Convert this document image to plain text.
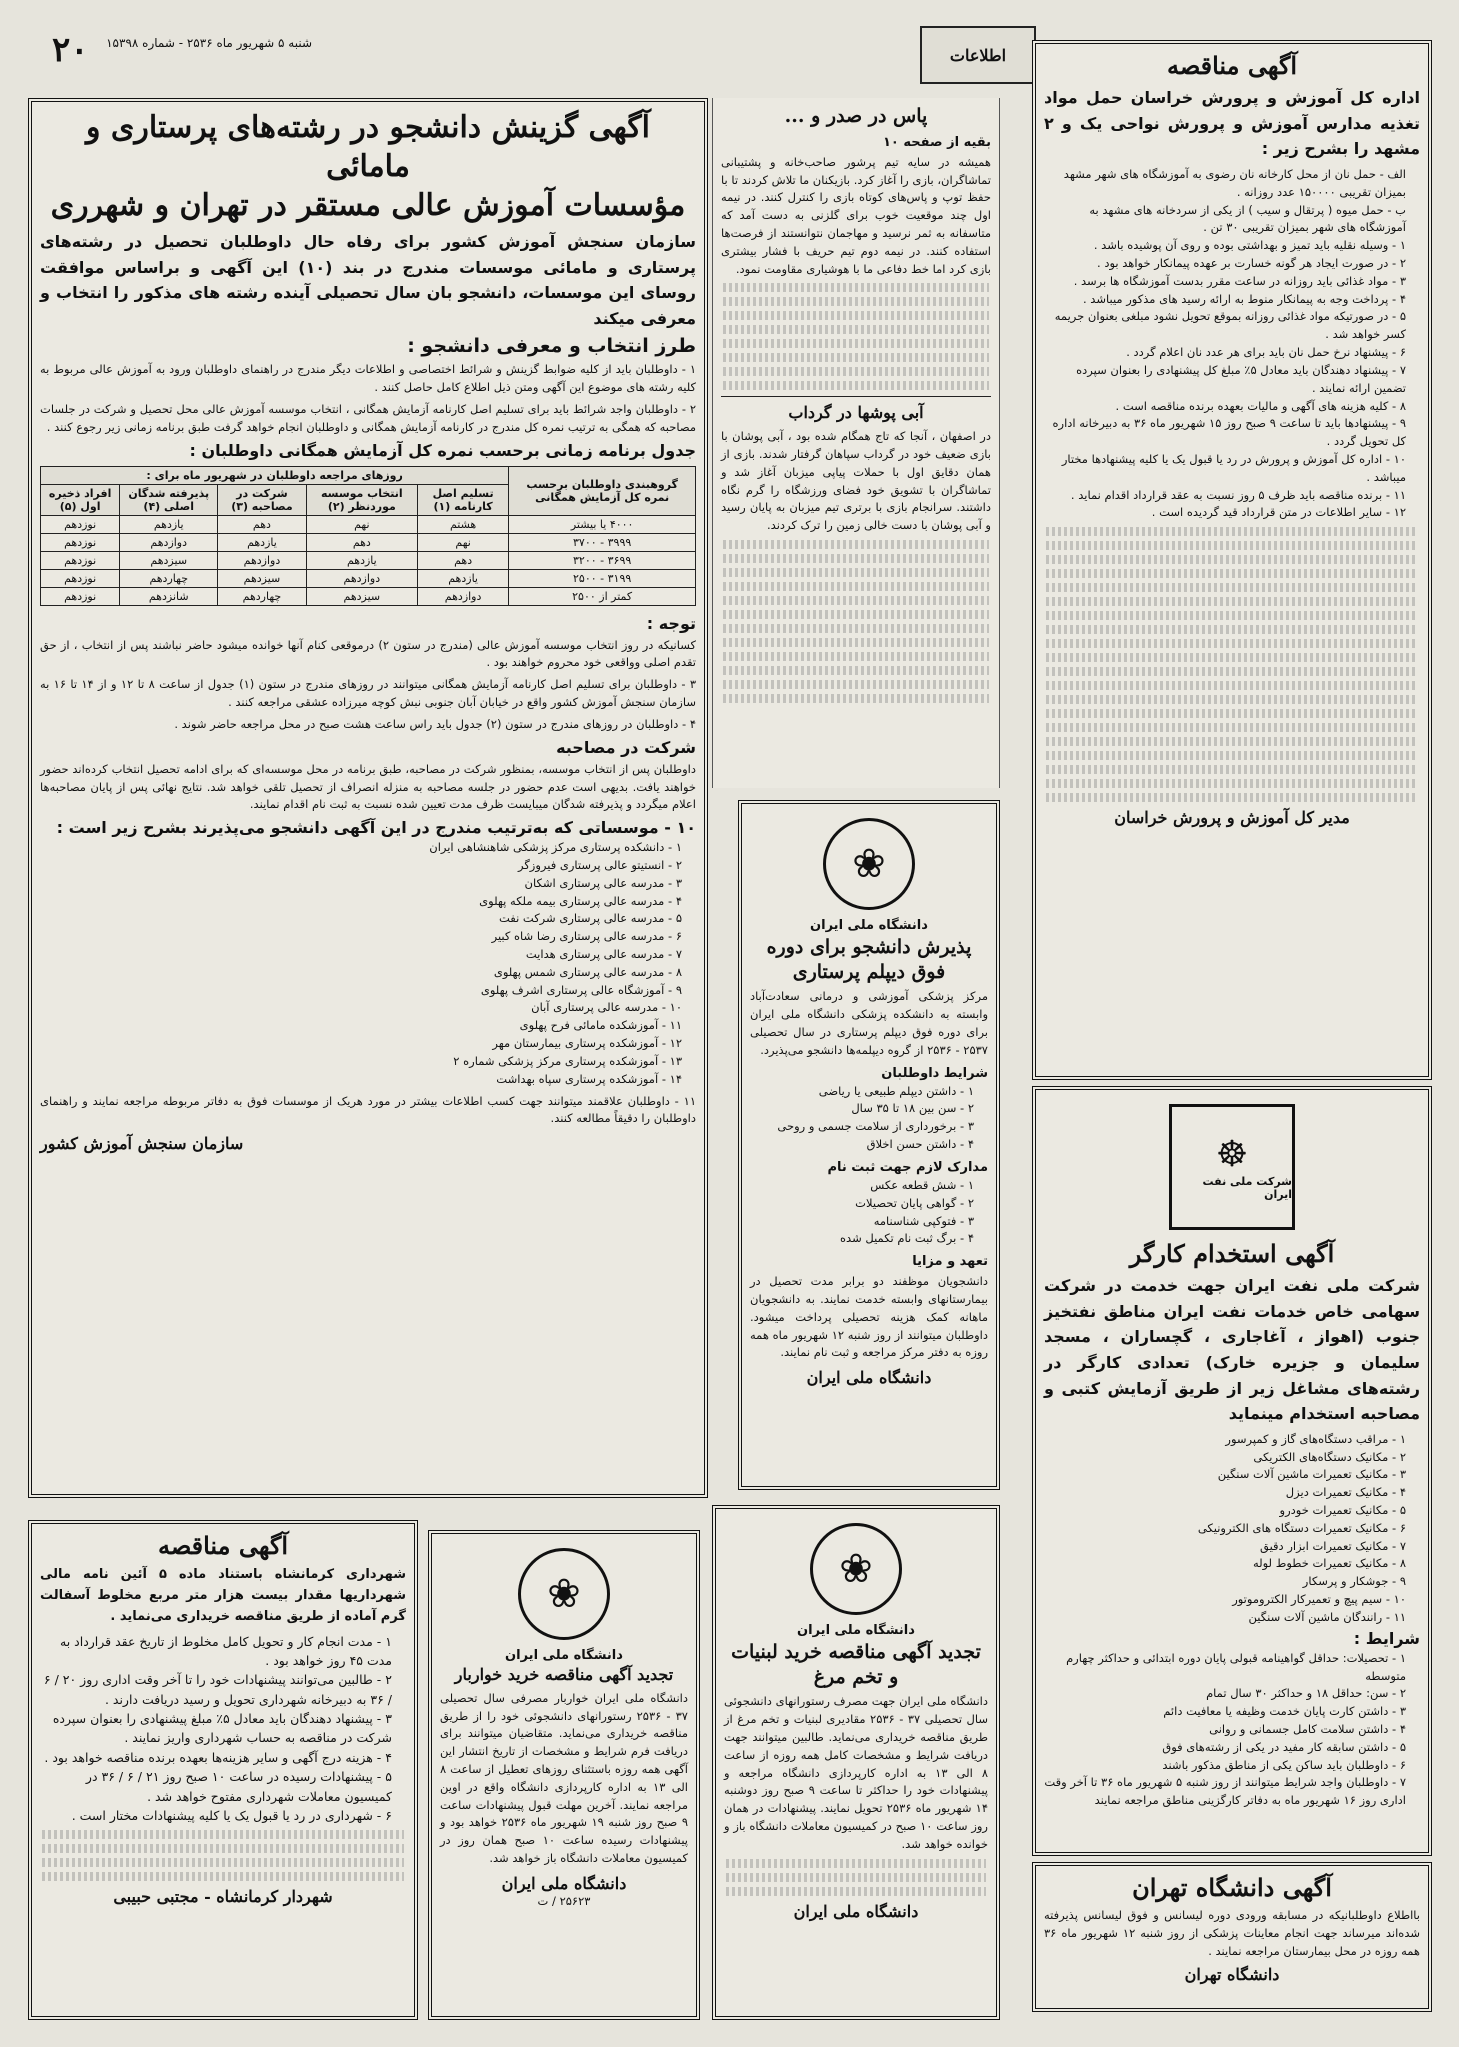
۲۰ شنبه ۵ شهریور ماه ۲۵۳۶ - شماره ۱۵۳۹۸
اطلاعات
آگهی گزینش دانشجو در رشته‌های پرستاری و مامائی
مؤسسات آموزش عالی مستقر در تهران و شهرری

سازمان سنجش آموزش کشور برای رفاه حال داوطلبان تحصیل در رشته‌های پرستاری و مامائی موسسات مندرج در بند (۱۰) این آگهی و براساس موافقت روسای این موسسات، دانشجو بان سال تحصیلی آینده رشته های مذکور را انتخاب و معرفی میکند

طرز انتخاب و معرفی دانشجو :

۱ - داوطلبان باید از کلیه ضوابط گزینش و شرائط اختصاصی و اطلاعات دیگر مندرج در راهنمای داوطلبان ورود به آموزش عالی مربوط به کلیه رشته های موضوع این آگهی ومتن ذیل اطلاع کامل حاصل کنند .

۲ - داوطلبان واجد شرائط باید برای تسلیم اصل کارنامه آزمایش همگانی ، انتخاب موسسه آموزش عالی محل تحصیل و شرکت در جلسات مصاحبه که همگی به ترتیب نمره کل مندرج در کارنامه آزمایش همگانی و داوطلبان انجام خواهد گرفت طبق برنامه زمانی زیر رجوع کنند .

جدول برنامه زمانی برحسب نمره کل آزمایش همگانی داوطلبان :
گروهبندی داوطلبان برحسب نمره کل آزمایش همگانی	روزهای مراجعه داوطلبان در شهریور ماه برای :				
	تسلیم اصل کارنامه (۱)	انتخاب موسسه موردنظر (۲)	شرکت در مصاحبه (۳)	پذیرفته شدگان اصلی (۴)	افراد ذخیره اول (۵)
۴۰۰۰ یا بیشتر	هشتم	نهم	دهم	یازدهم	نوزدهم
۳۹۹۹ - ۳۷۰۰	نهم	دهم	یازدهم	دوازدهم	نوزدهم
۳۶۹۹ - ۳۲۰۰	دهم	یازدهم	دوازدهم	سیزدهم	نوزدهم
۳۱۹۹ - ۲۵۰۰	یازدهم	دوازدهم	سیزدهم	چهاردهم	نوزدهم
کمتر از ۲۵۰۰	دوازدهم	سیزدهم	چهاردهم	شانزدهم	نوزدهم
توجه :

کسانیکه در روز انتخاب موسسه آموزش عالی (مندرج در ستون ۲) درموقعی کنام آنها خوانده میشود حاضر نباشند پس از انتخاب ، از حق تقدم اصلی وواقعی خود محروم خواهند بود .

۳ - داوطلبان برای تسلیم اصل کارنامه آزمایش همگانی میتوانند در روزهای مندرج در ستون (۱) جدول از ساعت ۸ تا ۱۲ و از ۱۴ تا ۱۶ به سازمان سنجش آموزش کشور واقع در خیابان آبان جنوبی نبش کوچه میرزاده عشقی مراجعه کنند .

۴ - داوطلبان در روزهای مندرج در ستون (۲) جدول باید راس ساعت هشت صبح در محل مراجعه حاضر شوند .

شرکت در مصاحبه

داوطلبان پس از انتخاب موسسه، بمنظور شرکت در مصاحبه، طبق برنامه در محل موسسه‌ای که برای ادامه تحصیل انتخاب کرده‌اند حضور خواهند یافت. بدیهی است عدم حضور در جلسه مصاحبه به منزله انصراف از تحصیل تلقی خواهد شد. نتایج نهائی پس از پایان مصاحبه‌ها اعلام میگردد و پذیرفته شدگان میبایست ظرف مدت تعیین شده نسبت به ثبت نام اقدام نمایند.

۱۰ - موسساتی که به‌ترتیب مندرج در این آگهی دانشجو می‌پذیرند بشرح زیر است :
۱ - دانشکده پرستاری مرکز پزشکی شاهنشاهی ایران
۲ - انستیتو عالی پرستاری فیروزگر
۳ - مدرسه عالی پرستاری اشکان
۴ - مدرسه عالی پرستاری بیمه ملکه پهلوی
۵ - مدرسه عالی پرستاری شرکت نفت
۶ - مدرسه عالی پرستاری رضا شاه کبیر
۷ - مدرسه عالی پرستاری هدایت
۸ - مدرسه عالی پرستاری شمس پهلوی
۹ - آموزشگاه عالی پرستاری اشرف پهلوی
۱۰ - مدرسه عالی پرستاری آبان
۱۱ - آموزشکده مامائی فرح پهلوی
۱۲ - آموزشکده پرستاری بیمارستان مهر
۱۳ - آموزشکده پرستاری مرکز پزشکی شماره ۲
۱۴ - آموزشکده پرستاری سپاه بهداشت

۱۱ - داوطلبان علاقمند میتوانند جهت کسب اطلاعات بیشتر در مورد هریک از موسسات فوق به دفاتر مربوطه مراجعه نمایند و راهنمای داوطلبان را دقیقاً مطالعه کنند.

سازمان سنجش آموزش کشور
پاس در صدر و ...
بقیه از صفحه ۱۰

همیشه در سایه تیم پرشور صاحب‌خانه و پشتیبانی تماشاگران، بازی را آغاز کرد. بازیکنان ما تلاش کردند تا با حفظ توپ و پاس‌های کوتاه بازی را کنترل کنند. در نیمه اول چند موقعیت خوب برای گلزنی به دست آمد که متاسفانه به ثمر نرسید و مهاجمان نتوانستند از فرصت‌ها استفاده کنند. در نیمه دوم تیم حریف با فشار بیشتری بازی کرد اما خط دفاعی ما با هوشیاری مقاومت نمود.

آبی پوشها در گرداب

در اصفهان ، آنجا که تاج همگام شده بود ، آبی پوشان با بازی ضعیف خود در گرداب سپاهان گرفتار شدند. بازی از همان دقایق اول با حملات پیاپی میزبان آغاز شد و تماشاگران با تشویق خود فضای ورزشگاه را گرم نگاه داشتند. سرانجام بازی با برتری تیم میزبان به پایان رسید و آبی پوشان با دست خالی زمین را ترک کردند.

❀
دانشگاه ملی ایران
پذیرش دانشجو برای دوره فوق دیپلم پرستاری

مرکز پزشکی آموزشی و درمانی سعادت‌آباد وابسته به دانشکده پزشکی دانشگاه ملی ایران برای دوره فوق دیپلم پرستاری در سال تحصیلی ۲۵۳۷ - ۲۵۳۶ از گروه دیپلمه‌ها دانشجو می‌پذیرد.

شرایط داوطلبان
۱ - داشتن دیپلم طبیعی یا ریاضی
۲ - سن بین ۱۸ تا ۳۵ سال
۳ - برخورداری از سلامت جسمی و روحی
۴ - داشتن حسن اخلاق
مدارک لازم جهت ثبت نام
۱ - شش قطعه عکس
۲ - گواهی پایان تحصیلات
۳ - فتوکپی شناسنامه
۴ - برگ ثبت نام تکمیل شده
تعهد و مزایا

دانشجویان موظفند دو برابر مدت تحصیل در بیمارستانهای وابسته خدمت نمایند. به دانشجویان ماهانه کمک هزینه تحصیلی پرداخت میشود. داوطلبان میتوانند از روز شنبه ۱۲ شهریور ماه همه روزه به دفتر مرکز مراجعه و ثبت نام نمایند.

دانشگاه ملی ایران
آگهی مناقصه

اداره کل آموزش و پرورش خراسان حمل مواد تغذیه مدارس آموزش و پرورش نواحی یک و ۲ مشهد را بشرح زیر :

الف - حمل نان از محل کارخانه نان رضوی به آموزشگاه های شهر مشهد بمیزان تقریبی ۱۵۰۰۰۰ عدد روزانه .
ب - حمل میوه ( پرتقال و سیب ) از یکی از سردخانه های مشهد به آموزشگاه های شهر بمیزان تقریبی ۳۰ تن .
۱ - وسیله نقلیه باید تمیز و بهداشتی بوده و روی آن پوشیده باشد .
۲ - در صورت ایجاد هر گونه خسارت بر عهده پیمانکار خواهد بود .
۳ - مواد غذائی باید روزانه در ساعت مقرر بدست آموزشگاه ها برسد .
۴ - پرداخت وجه به پیمانکار منوط به ارائه رسید های مذکور میباشد .
۵ - در صورتیکه مواد غذائی روزانه بموقع تحویل نشود مبلغی بعنوان جریمه کسر خواهد شد .
۶ - پیشنهاد نرخ حمل نان باید برای هر عدد نان اعلام گردد .
۷ - پیشنهاد دهندگان باید معادل ۵٪ مبلغ کل پیشنهادی را بعنوان سپرده تضمین ارائه نمایند .
۸ - کلیه هزینه های آگهی و مالیات بعهده برنده مناقصه است .
۹ - پیشنهادها باید تا ساعت ۹ صبح روز ۱۵ شهریور ماه ۳۶ به دبیرخانه اداره کل تحویل گردد .
۱۰ - اداره کل آموزش و پرورش در رد یا قبول یک یا کلیه پیشنهادها مختار میباشد .
۱۱ - برنده مناقصه باید ظرف ۵ روز نسبت به عقد قرارداد اقدام نماید .
۱۲ - سایر اطلاعات در متن قرارداد قید گردیده است .
مدیر کل آموزش و پرورش خراسان
☸
شرکت ملی نفت ایران
آگهی استخدام کارگر

شرکت ملی نفت ایران جهت خدمت در شرکت سهامی خاص خدمات نفت ایران مناطق نفتخیز جنوب (اهواز ، آغاجاری ، گچساران ، مسجد سلیمان و جزیره خارک) تعدادی کارگر در رشته‌های مشاغل زیر از طریق آزمایش کتبی و مصاحبه استخدام مینماید

۱ - مراقب دستگاه‌های گاز و کمپرسور
۲ - مکانیک دستگاه‌های الکتریکی
۳ - مکانیک تعمیرات ماشین آلات سنگین
۴ - مکانیک تعمیرات دیزل
۵ - مکانیک تعمیرات خودرو
۶ - مکانیک تعمیرات دستگاه های الکترونیکی
۷ - مکانیک تعمیرات ابزار دقیق
۸ - مکانیک تعمیرات خطوط لوله
۹ - جوشکار و پرسکار
۱۰ - سیم پیچ و تعمیرکار الکتروموتور
۱۱ - رانندگان ماشین آلات سنگین
شرایط :
۱ - تحصیلات: حداقل گواهینامه قبولی پایان دوره ابتدائی و حداکثر چهارم متوسطه
۲ - سن: حداقل ۱۸ و حداکثر ۳۰ سال تمام
۳ - داشتن کارت پایان خدمت وظیفه یا معافیت دائم
۴ - داشتن سلامت کامل جسمانی و روانی
۵ - داشتن سابقه کار مفید در یکی از رشته‌های فوق
۶ - داوطلبان باید ساکن یکی از مناطق مذکور باشند
۷ - داوطلبان واجد شرایط میتوانند از روز شنبه ۵ شهریور ماه ۳۶ تا آخر وقت اداری روز ۱۶ شهریور ماه به دفاتر کارگزینی مناطق مراجعه نمایند
آگهی دانشگاه تهران

بااطلاع داوطلبانیکه در مسابقه ورودی دوره لیسانس و فوق لیسانس پذیرفته شده‌اند میرساند جهت انجام معاینات پزشکی از روز شنبه ۱۲ شهریور ماه ۳۶ همه روزه در محل بیمارستان مراجعه نمایند .

دانشگاه تهران
آگهی مناقصه

شهرداری کرمانشاه باستناد ماده ۵ آئین نامه مالی شهرداریها مقدار بیست هزار متر مربع مخلوط آسفالت گرم آماده از طریق مناقصه خریداری می‌نماید .

۱ - مدت انجام کار و تحویل کامل مخلوط از تاریخ عقد قرارداد به مدت ۴۵ روز خواهد بود .
۲ - طالبین می‌توانند پیشنهادات خود را تا آخر وقت اداری روز ۲۰ / ۶ / ۳۶ به دبیرخانه شهرداری تحویل و رسید دریافت دارند .
۳ - پیشنهاد دهندگان باید معادل ۵٪ مبلغ پیشنهادی را بعنوان سپرده شرکت در مناقصه به حساب شهرداری واریز نمایند .
۴ - هزینه درج آگهی و سایر هزینه‌ها بعهده برنده مناقصه خواهد بود .
۵ - پیشنهادات رسیده در ساعت ۱۰ صبح روز ۲۱ / ۶ / ۳۶ در کمیسیون معاملات شهرداری مفتوح خواهد شد .
۶ - شهرداری در رد یا قبول یک یا کلیه پیشنهادات مختار است .
شهردار کرمانشاه - مجتبی حبیبی
❀
دانشگاه ملی ایران
تجدید آگهی مناقصه خرید خواربار

دانشگاه ملی ایران خواربار مصرفی سال تحصیلی ۳۷ - ۲۵۳۶ رستورانهای دانشجوئی خود را از طریق مناقصه خریداری می‌نماید. متقاضیان میتوانند برای دریافت فرم شرایط و مشخصات از تاریخ انتشار این آگهی همه روزه باستثنای روزهای تعطیل از ساعت ۸ الی ۱۳ به اداره کارپردازی دانشگاه واقع در اوین مراجعه نمایند. آخرین مهلت قبول پیشنهادات ساعت ۹ صبح روز شنبه ۱۹ شهریور ماه ۲۵۳۶ خواهد بود و پیشنهادات رسیده ساعت ۱۰ صبح همان روز در کمیسیون معاملات دانشگاه باز خواهد شد.

دانشگاه ملی ایران
۲۵۶۲۳ / ت
❀
دانشگاه ملی ایران
تجدید آگهی مناقصه خرید لبنیات و تخم مرغ

دانشگاه ملی ایران جهت مصرف رستورانهای دانشجوئی سال تحصیلی ۳۷ - ۲۵۳۶ مقادیری لبنیات و تخم مرغ از طریق مناقصه خریداری می‌نماید. طالبین میتوانند جهت دریافت شرایط و مشخصات کامل همه روزه از ساعت ۸ الی ۱۳ به اداره کارپردازی دانشگاه مراجعه و پیشنهادات خود را حداکثر تا ساعت ۹ صبح روز دوشنبه ۱۴ شهریور ماه ۲۵۳۶ تحویل نمایند. پیشنهادات در همان روز ساعت ۱۰ صبح در کمیسیون معاملات دانشگاه باز و خوانده خواهد شد.

دانشگاه ملی ایران
